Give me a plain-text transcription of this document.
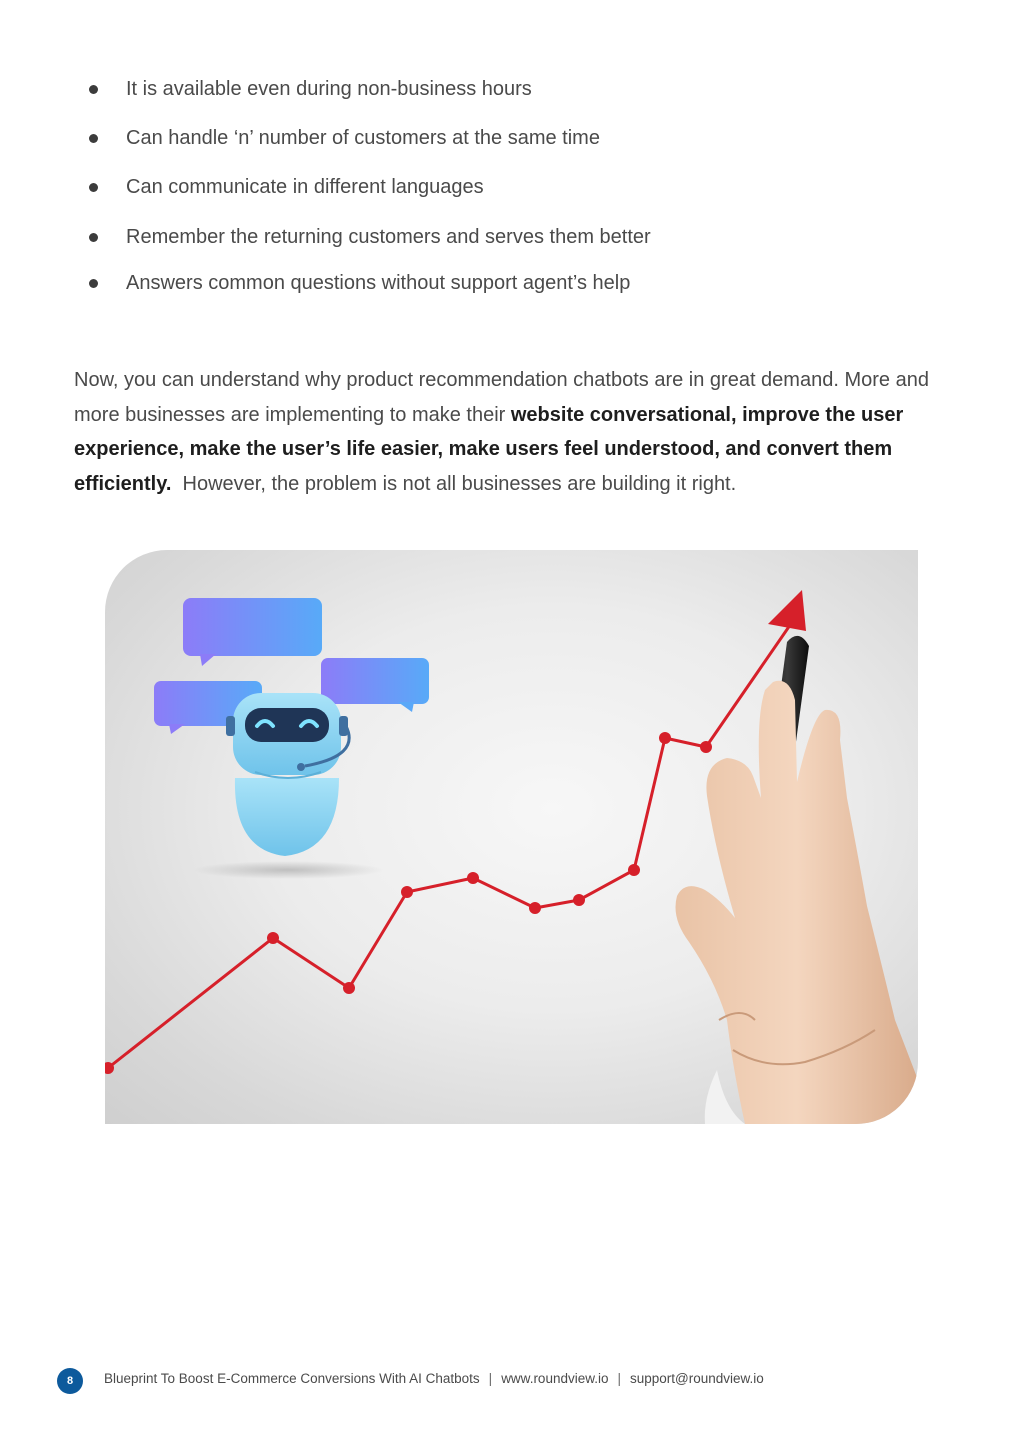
It is available even during non-business hours
Can handle ‘n’ number of customers at the same time
Can communicate in different languages
Remember the returning customers and serves them better
Answers common questions without support agent’s help

Now, you can understand why product recommendation chatbots are in great demand. More and more businesses are implementing to make their website conversational, improve the user experience, make the user’s life easier, make users feel understood, and convert them efficiently.  However, the problem is not all businesses are building it right.

8	Blueprint To Boost E-Commerce Conversions With AI Chatbots | www.roundview.io | support@roundview.io
